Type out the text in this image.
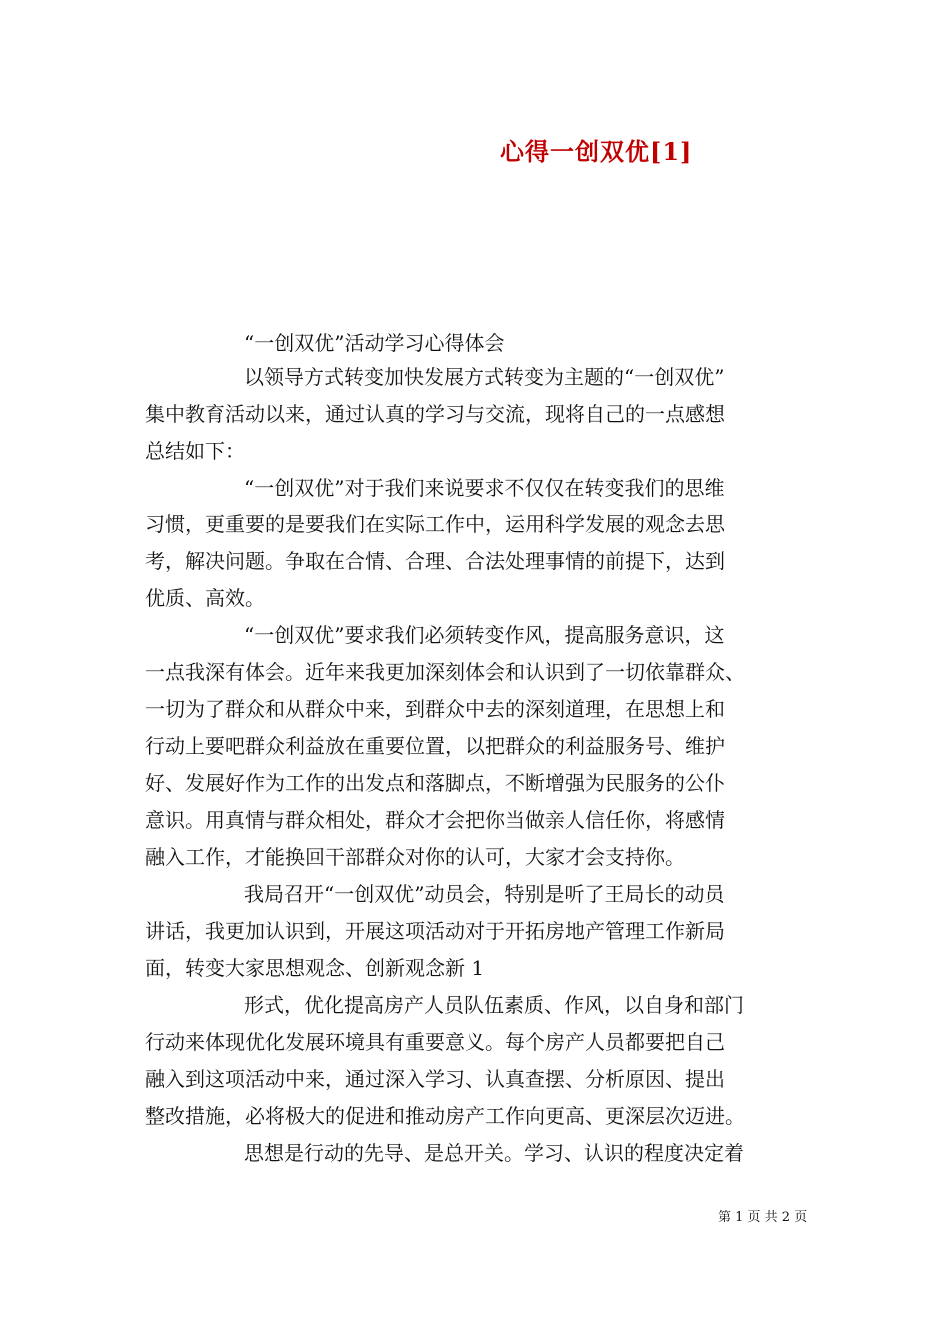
心得一创双优[1]
“一创双优”活动学习心得体会
以领导方式转变加快发展方式转变为主题的“一创双优”
集中教育活动以来，通过认真的学习与交流，现将自己的一点感想
总结如下：
“一创双优”对于我们来说要求不仅仅在转变我们的思维
习惯，更重要的是要我们在实际工作中，运用科学发展的观念去思
考，解决问题。争取在合情、合理、合法处理事情的前提下，达到
优质、高效。
“一创双优”要求我们必须转变作风，提高服务意识，这
一点我深有体会。近年来我更加深刻体会和认识到了一切依靠群众、
一切为了群众和从群众中来，到群众中去的深刻道理，在思想上和
行动上要吧群众利益放在重要位置，以把群众的利益服务号、维护
好、发展好作为工作的出发点和落脚点，不断增强为民服务的公仆
意识。用真情与群众相处，群众才会把你当做亲人信任你，将感情
融入工作，才能换回干部群众对你的认可，大家才会支持你。
我局召开“一创双优”动员会，特别是听了王局长的动员
讲话，我更加认识到，开展这项活动对于开拓房地产管理工作新局
面，转变大家思想观念、创新观念新 1
形式，优化提高房产人员队伍素质、作风，以自身和部门
行动来体现优化发展环境具有重要意义。每个房产人员都要把自己
融入到这项活动中来，通过深入学习、认真查摆、分析原因、提出
整改措施，必将极大的促进和推动房产工作向更高、更深层次迈进。
思想是行动的先导、是总开关。学习、认识的程度决定着
第 1 页 共 2 页
